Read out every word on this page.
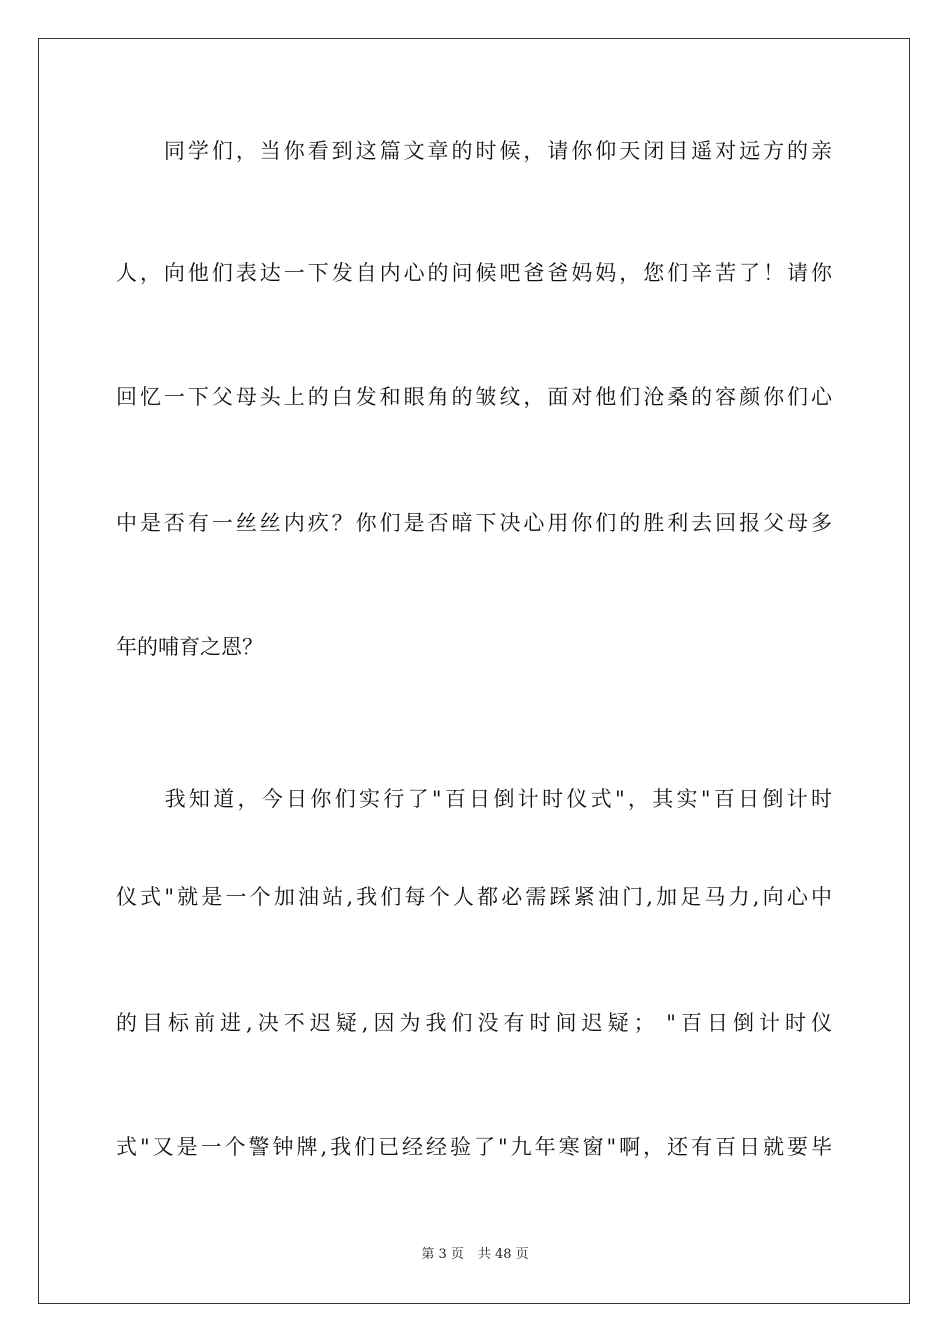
　　同学们，当你看到这篇文章的时候，请你仰天闭目遥对远方的亲
人，向他们表达一下发自内心的问候吧爸爸妈妈，您们辛苦了！请你
回忆一下父母头上的白发和眼角的皱纹，面对他们沧桑的容颜你们心
中是否有一丝丝内疚？你们是否暗下决心用你们的胜利去回报父母多
年的哺育之恩？
　　我知道，今日你们实行了"百日倒计时仪式"，其实"百日倒计时
仪式"就是一个加油站,我们每个人都必需踩紧油门,加足马力,向心中
的目标前进,决不迟疑,因为我们没有时间迟疑； "百日倒计时仪
式"又是一个警钟牌,我们已经经验了"九年寒窗"啊，还有百日就要毕
第 3 页 共 48 页
